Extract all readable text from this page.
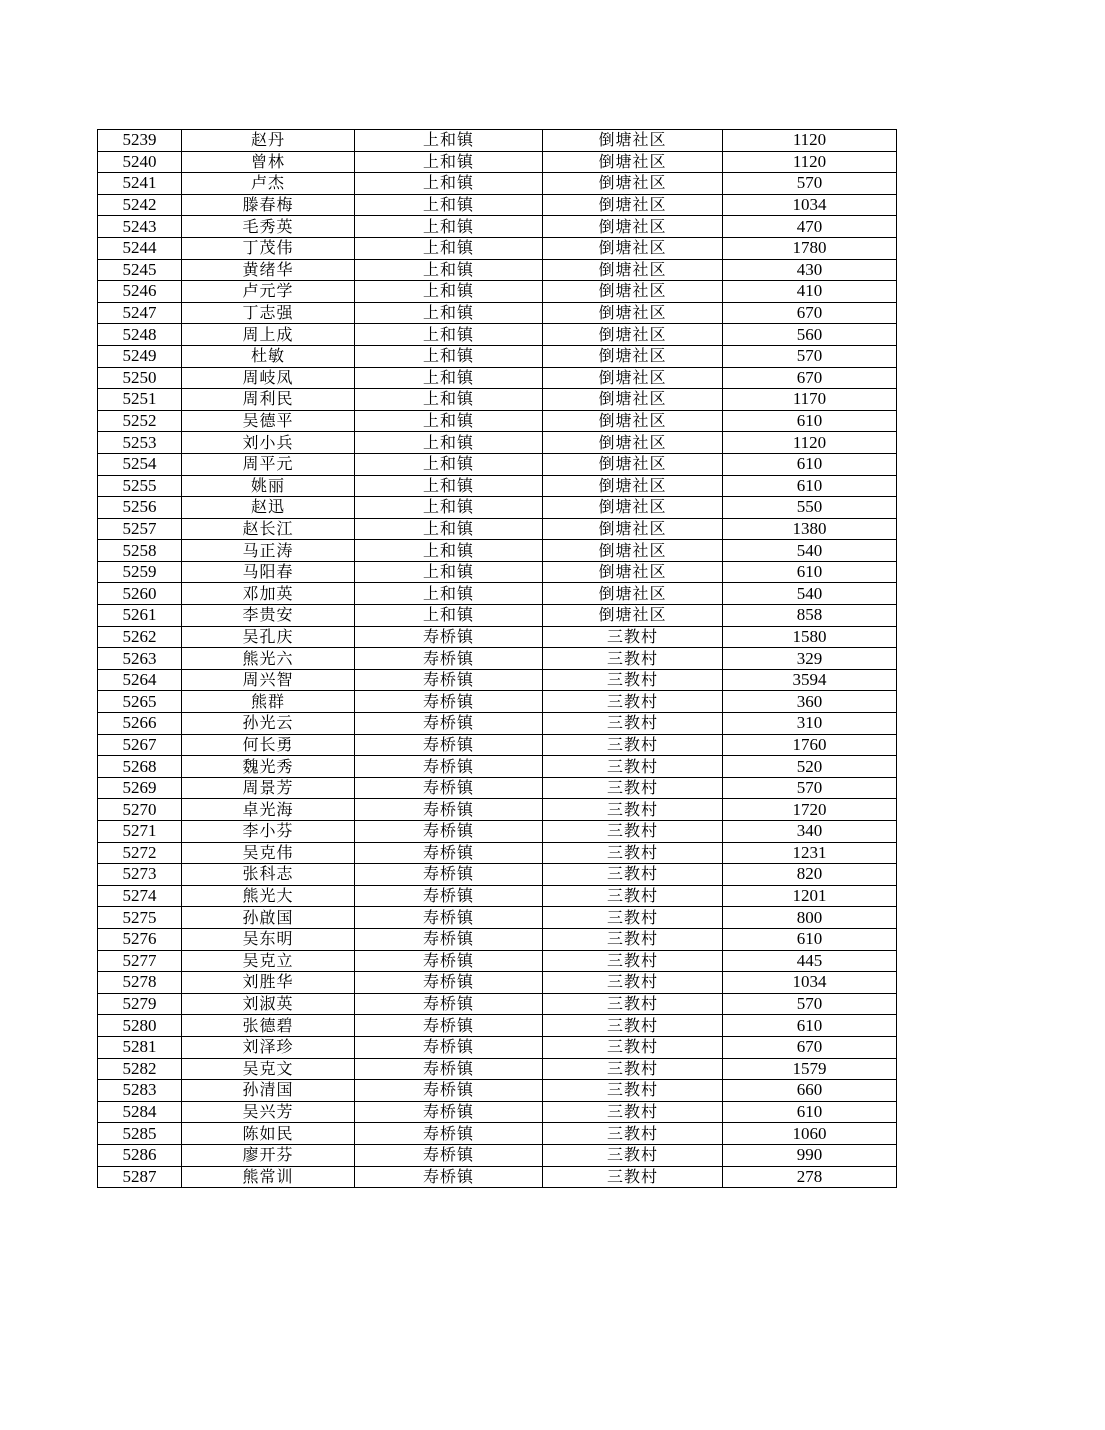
5239	赵丹	上和镇	倒塘社区	1120
5240	曾林	上和镇	倒塘社区	1120
5241	卢杰	上和镇	倒塘社区	570
5242	滕春梅	上和镇	倒塘社区	1034
5243	毛秀英	上和镇	倒塘社区	470
5244	丁茂伟	上和镇	倒塘社区	1780
5245	黄绪华	上和镇	倒塘社区	430
5246	卢元学	上和镇	倒塘社区	410
5247	丁志强	上和镇	倒塘社区	670
5248	周上成	上和镇	倒塘社区	560
5249	杜敏	上和镇	倒塘社区	570
5250	周岐凤	上和镇	倒塘社区	670
5251	周利民	上和镇	倒塘社区	1170
5252	吴德平	上和镇	倒塘社区	610
5253	刘小兵	上和镇	倒塘社区	1120
5254	周平元	上和镇	倒塘社区	610
5255	姚丽	上和镇	倒塘社区	610
5256	赵迅	上和镇	倒塘社区	550
5257	赵长江	上和镇	倒塘社区	1380
5258	马正涛	上和镇	倒塘社区	540
5259	马阳春	上和镇	倒塘社区	610
5260	邓加英	上和镇	倒塘社区	540
5261	李贵安	上和镇	倒塘社区	858
5262	吴孔庆	寿桥镇	三教村	1580
5263	熊光六	寿桥镇	三教村	329
5264	周兴智	寿桥镇	三教村	3594
5265	熊群	寿桥镇	三教村	360
5266	孙光云	寿桥镇	三教村	310
5267	何长勇	寿桥镇	三教村	1760
5268	魏光秀	寿桥镇	三教村	520
5269	周景芳	寿桥镇	三教村	570
5270	卓光海	寿桥镇	三教村	1720
5271	李小芬	寿桥镇	三教村	340
5272	吴克伟	寿桥镇	三教村	1231
5273	张科志	寿桥镇	三教村	820
5274	熊光大	寿桥镇	三教村	1201
5275	孙啟国	寿桥镇	三教村	800
5276	吴东明	寿桥镇	三教村	610
5277	吴克立	寿桥镇	三教村	445
5278	刘胜华	寿桥镇	三教村	1034
5279	刘淑英	寿桥镇	三教村	570
5280	张德碧	寿桥镇	三教村	610
5281	刘泽珍	寿桥镇	三教村	670
5282	吴克文	寿桥镇	三教村	1579
5283	孙清国	寿桥镇	三教村	660
5284	吴兴芳	寿桥镇	三教村	610
5285	陈如民	寿桥镇	三教村	1060
5286	廖开芬	寿桥镇	三教村	990
5287	熊常训	寿桥镇	三教村	278
